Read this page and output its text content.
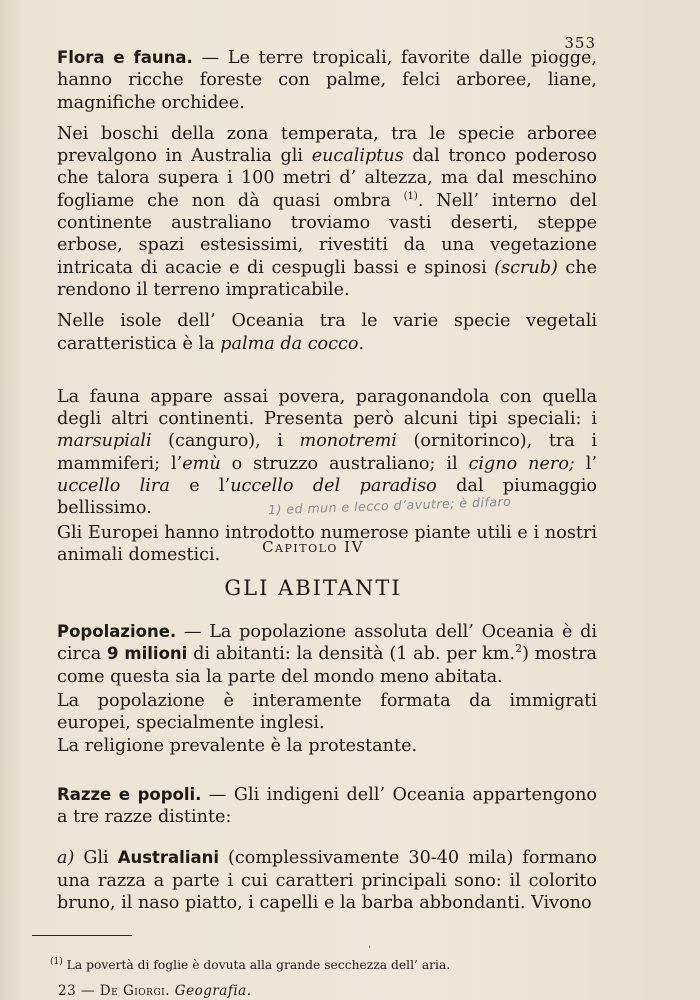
353

Flora e fauna. — Le terre tropicali, favorite dalle piogge, hanno ricche foreste con palme, felci arboree, liane, magnifiche orchidee.

Nei boschi della zona temperata, tra le specie arboree prevalgono in Australia gli eucaliptus dal tronco poderoso che talora supera i 100 metri d’ altezza, ma dal meschino fogliame che non dà quasi ombra $^{(1)}$. Nell’ interno del continente australiano troviamo vasti deserti, steppe erbose, spazi estesissimi, rivestiti da una vegetazione intricata di acacie e di cespugli bassi e spinosi (scrub) che rendono il terreno impraticabile.

Nelle isole dell’ Oceania tra le varie specie vegetali caratteristica è la palma da cocco.

La fauna appare assai povera, paragonandola con quella degli altri continenti. Presenta però alcuni tipi speciali: i marsupiali (canguro), i monotremi (ornitorinco), tra i mammiferi; l’emù o struzzo australiano; il cigno nero; l’ uccello lira e l’uccello del paradiso dal piumaggio bellissimo.

Gli Europei hanno introdotto numerose piante utili e i nostri animali domestici.

1) ed mun e lecco d’avutre; è difaro
Capitolo IV
GLI ABITANTI

Popolazione. — La popolazione assoluta dell’ Oceania è di circa 9 milioni di abitanti: la densità (1 ab. per km.$^2$) mostra come questa sia la parte del mondo meno abitata.

La popolazione è interamente formata da immigrati europei, specialmente inglesi.

La religione prevalente è la protestante.

Razze e popoli. — Gli indigeni dell’ Oceania appartengono a tre razze distinte:

a) Gli Australiani (complessivamente 30-40 mila) formano una razza a parte i cui caratteri principali sono: il colorito bruno, il naso piatto, i capelli e la barba abbondanti. Vivono

ˈ
$^{(1)}$ La povertà di foglie è dovuta alla grande secchezza dell’ aria.
23 — De Giorgi. Geografia.
